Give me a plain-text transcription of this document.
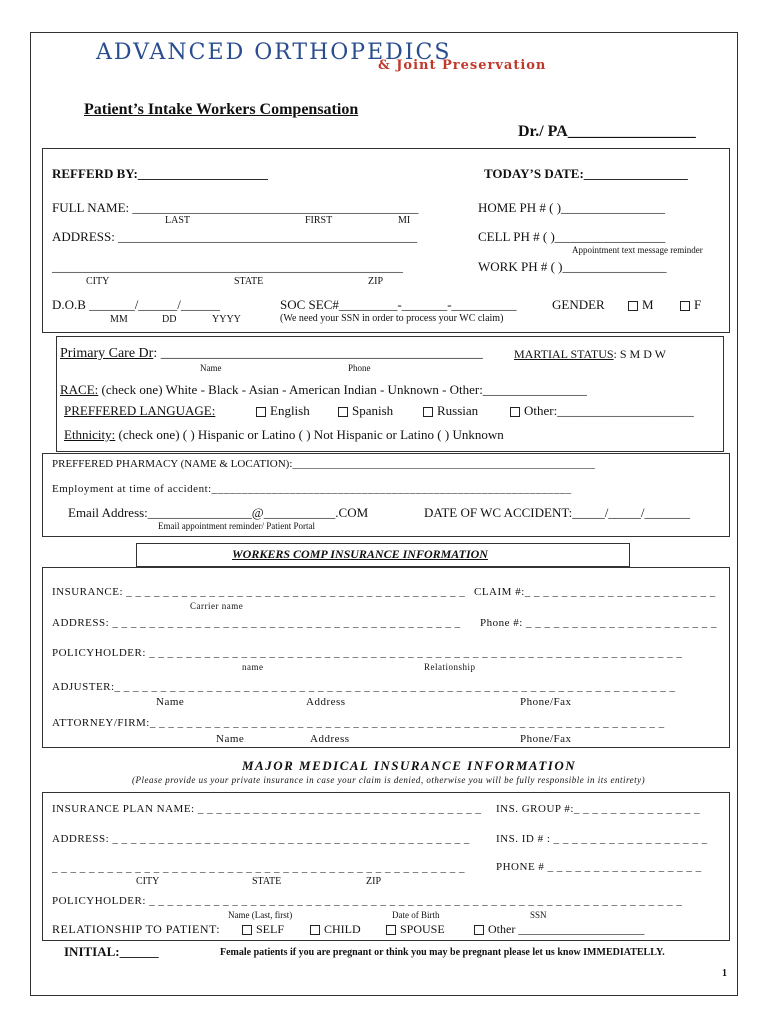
ADVANCED ORTHOPEDICS
& Joint Preservation
Patient’s Intake Workers Compensation
Dr./ PA________________
REFFERD BY:____________________	TODAY’S DATE:________________
FULL NAME: ____________________________________________	HOME PH # ( )________________
LAST	FIRST	MI
ADDRESS: ______________________________________________	CELL PH # ( )_________________
Appointment text message reminder
______________________________________________________	WORK PH # ( )________________
CITY	STATE	ZIP
D.O.B _______/______/______
MM	DD	YYYY
SOC SEC#_________-_______-__________
(We need your SSN in order to process your WC claim)
GENDER	M	F
Primary Care Dr: ______________________________________________
Name	Phone
MARTIAL STATUS: S M D W
RACE: (check one) White - Black - Asian - American Indian - Unknown - Other:________________
PREFFERED LANGUAGE:	English	Spanish	Russian	Other:_____________________
Ethnicity: (check one) ( ) Hispanic or Latino ( ) Not Hispanic or Latino ( ) Unknown
PREFFERED PHARMACY (NAME & LOCATION):_______________________________________________________
Employment at time of accident:____________________________________________________________
Email Address:________________@___________.COM	DATE OF WC ACCIDENT:_____/_____/_______
Email appointment reminder/ Patient Portal
WORKERS COMP INSURANCE INFORMATION
INSURANCE: _ _ _ _ _ _ _ _ _ _ _ _ _ _ _ _ _ _ _ _ _ _ _ _ _ _ _ _ _ _ _ _ _ _ _ _ _ CLAIM #:_ _ _ _ _ _ _ _ _ _ _ _ _ _ _ _ _ _ _ _ _
Carrier name
ADDRESS: _ _ _ _ _ _ _ _ _ _ _ _ _ _ _ _ _ _ _ _ _ _ _ _ _ _ _ _ _ _ _ _ _ _ _ _ _ _ Phone #: _ _ _ _ _ _ _ _ _ _ _ _ _ _ _ _ _ _ _ _ _
POLICYHOLDER: _ _ _ _ _ _ _ _ _ _ _ _ _ _ _ _ _ _ _ _ _ _ _ _ _ _ _ _ _ _ _ _ _ _ _ _ _ _ _ _ _ _ _ _ _ _ _ _ _ _ _ _ _ _ _ _ _ _
name	Relationship
ADJUSTER:_ _ _ _ _ _ _ _ _ _ _ _ _ _ _ _ _ _ _ _ _ _ _ _ _ _ _ _ _ _ _ _ _ _ _ _ _ _ _ _ _ _ _ _ _ _ _ _ _ _ _ _ _ _ _ _ _ _ _ _ _
Name	Address	Phone/Fax
ATTORNEY/FIRM:_ _ _ _ _ _ _ _ _ _ _ _ _ _ _ _ _ _ _ _ _ _ _ _ _ _ _ _ _ _ _ _ _ _ _ _ _ _ _ _ _ _ _ _ _ _ _ _ _ _ _ _ _ _ _ _
Name	Address	Phone/Fax
MAJOR MEDICAL INSURANCE INFORMATION
(Please provide us your private insurance in case your claim is denied, otherwise you will be fully responsible in its entirety)
INSURANCE PLAN NAME: _ _ _ _ _ _ _ _ _ _ _ _ _ _ _ _ _ _ _ _ _ _ _ _ _ _ _ _ _ _ _ INS. GROUP #:_ _ _ _ _ _ _ _ _ _ _ _ _ _
ADDRESS: _ _ _ _ _ _ _ _ _ _ _ _ _ _ _ _ _ _ _ _ _ _ _ _ _ _ _ _ _ _ _ _ _ _ _ _ _ _ _ INS. ID # : _ _ _ _ _ _ _ _ _ _ _ _ _ _ _ _ _
_ _ _ _ _ _ _ _ _ _ _ _ _ _ _ _ _ _ _ _ _ _ _ _ _ _ _ _ _ _ _ _ _ _ _ _ _ _ _ _ _ _ _ _ _	PHONE # _ _ _ _ _ _ _ _ _ _ _ _ _ _ _ _ _
CITY	STATE	ZIP
POLICYHOLDER: _ _ _ _ _ _ _ _ _ _ _ _ _ _ _ _ _ _ _ _ _ _ _ _ _ _ _ _ _ _ _ _ _ _ _ _ _ _ _ _ _ _ _ _ _ _ _ _ _ _ _ _ _ _ _ _ _ _
Name (Last, first)	Date of Birth	SSN
RELATIONSHIP TO PATIENT:	SELF	CHILD	SPOUSE	Other _____________________
INITIAL:______	Female patients if you are pregnant or think you may be pregnant please let us know IMMEDIATELLY.
1
